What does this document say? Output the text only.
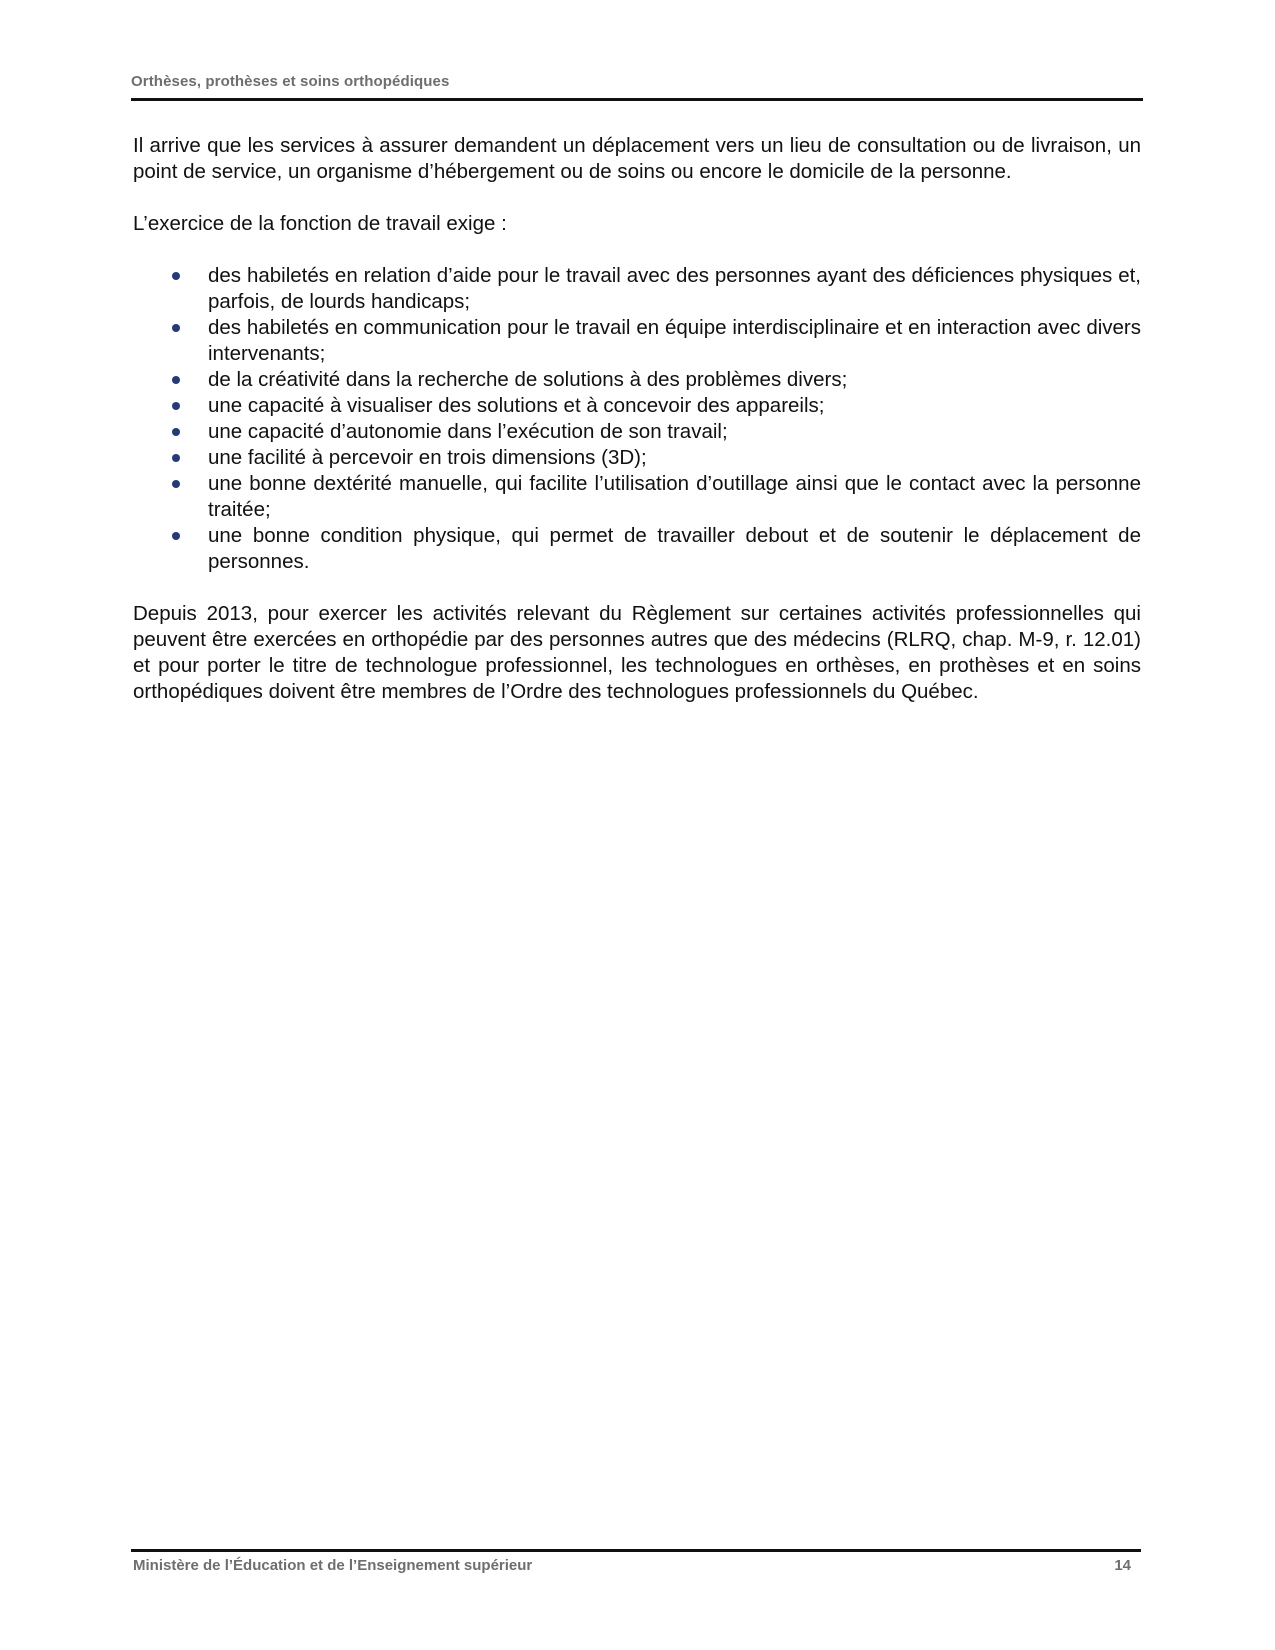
Orthèses, prothèses et soins orthopédiques

Il arrive que les services à assurer demandent un déplacement vers un lieu de consultation ou de livraison, un point de service, un organisme d’hébergement ou de soins ou encore le domicile de la personne.

L’exercice de la fonction de travail exige :

des habiletés en relation d’aide pour le travail avec des personnes ayant des déficiences physiques et, parfois, de lourds handicaps;
des habiletés en communication pour le travail en équipe interdisciplinaire et en interaction avec divers intervenants;
de la créativité dans la recherche de solutions à des problèmes divers;
une capacité à visualiser des solutions et à concevoir des appareils;
une capacité d’autonomie dans l’exécution de son travail;
une facilité à percevoir en trois dimensions (3D);
une bonne dextérité manuelle, qui facilite l’utilisation d’outillage ainsi que le contact avec la personne traitée;
une bonne condition physique, qui permet de travailler debout et de soutenir le déplacement de personnes.

Depuis 2013, pour exercer les activités relevant du Règlement sur certaines activités professionnelles qui peuvent être exercées en orthopédie par des personnes autres que des médecins (RLRQ, chap. M-9, r. 12.01) et pour porter le titre de technologue professionnel, les technologues en orthèses, en prothèses et en soins orthopédiques doivent être membres de l’Ordre des technologues professionnels du Québec.

Ministère de l’Éducation et de l’Enseignement supérieur	14
